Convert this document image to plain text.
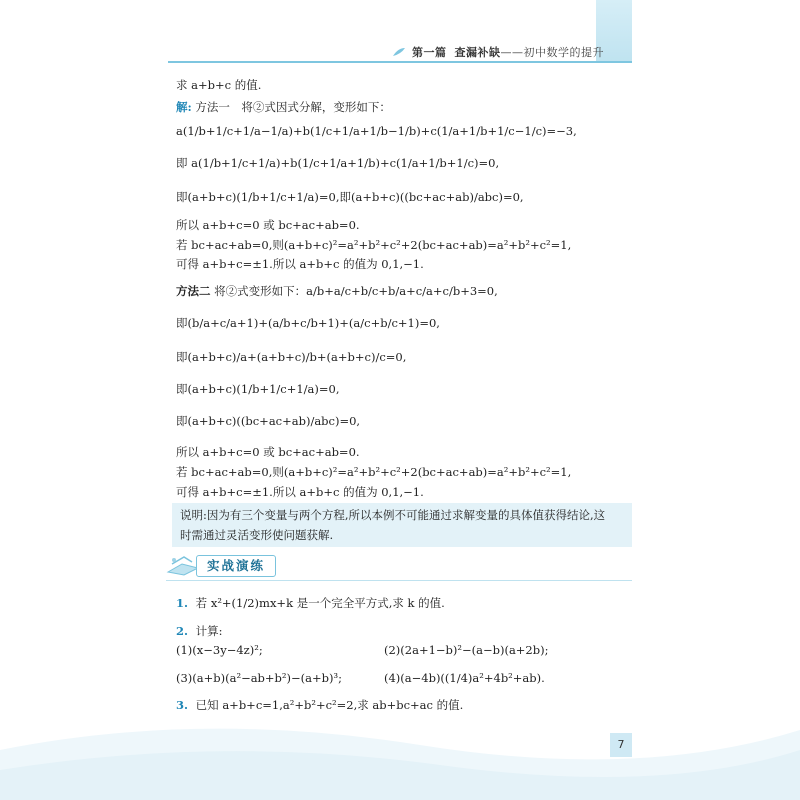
第一篇 查漏补缺 ——初中数学的提升
求 a+b+c 的值.
解: 方法一　将②式因式分解，变形如下：
a(1/b+1/c+1/a−1/a)+b(1/c+1/a+1/b−1/b)+c(1/a+1/b+1/c−1/c)=−3,
即 a(1/b+1/c+1/a)+b(1/c+1/a+1/b)+c(1/a+1/b+1/c)=0,
即(a+b+c)(1/b+1/c+1/a)=0,即(a+b+c)((bc+ac+ab)/abc)=0,
所以 a+b+c=0 或 bc+ac+ab=0.
若 bc+ac+ab=0,则(a+b+c)²=a²+b²+c²+2(bc+ac+ab)=a²+b²+c²=1,
可得 a+b+c=±1.所以 a+b+c 的值为 0,1,−1.
方法二 将②式变形如下：a/b+a/c+b/c+b/a+c/a+c/b+3=0,
即(b/a+c/a+1)+(a/b+c/b+1)+(a/c+b/c+1)=0,
即(a+b+c)/a+(a+b+c)/b+(a+b+c)/c=0,
即(a+b+c)(1/b+1/c+1/a)=0,
即(a+b+c)((bc+ac+ab)/abc)=0,
所以 a+b+c=0 或 bc+ac+ab=0.
若 bc+ac+ab=0,则(a+b+c)²=a²+b²+c²+2(bc+ac+ab)=a²+b²+c²=1,
可得 a+b+c=±1.所以 a+b+c 的值为 0,1,−1.
说明:因为有三个变量与两个方程,所以本例不可能通过求解变量的具体值获得结论,这
时需通过灵活变形使问题获解.
实战演练
1. 若 x²+(1/2)mx+k 是一个完全平方式,求 k 的值.
2. 计算:
(1)(x−3y−4z)²;	(2)(2a+1−b)²−(a−b)(a+2b);
(3)(a+b)(a²−ab+b²)−(a+b)³;	(4)(a−4b)((1/4)a²+4b²+ab).
3. 已知 a+b+c=1,a²+b²+c²=2,求 ab+bc+ac 的值.
7
